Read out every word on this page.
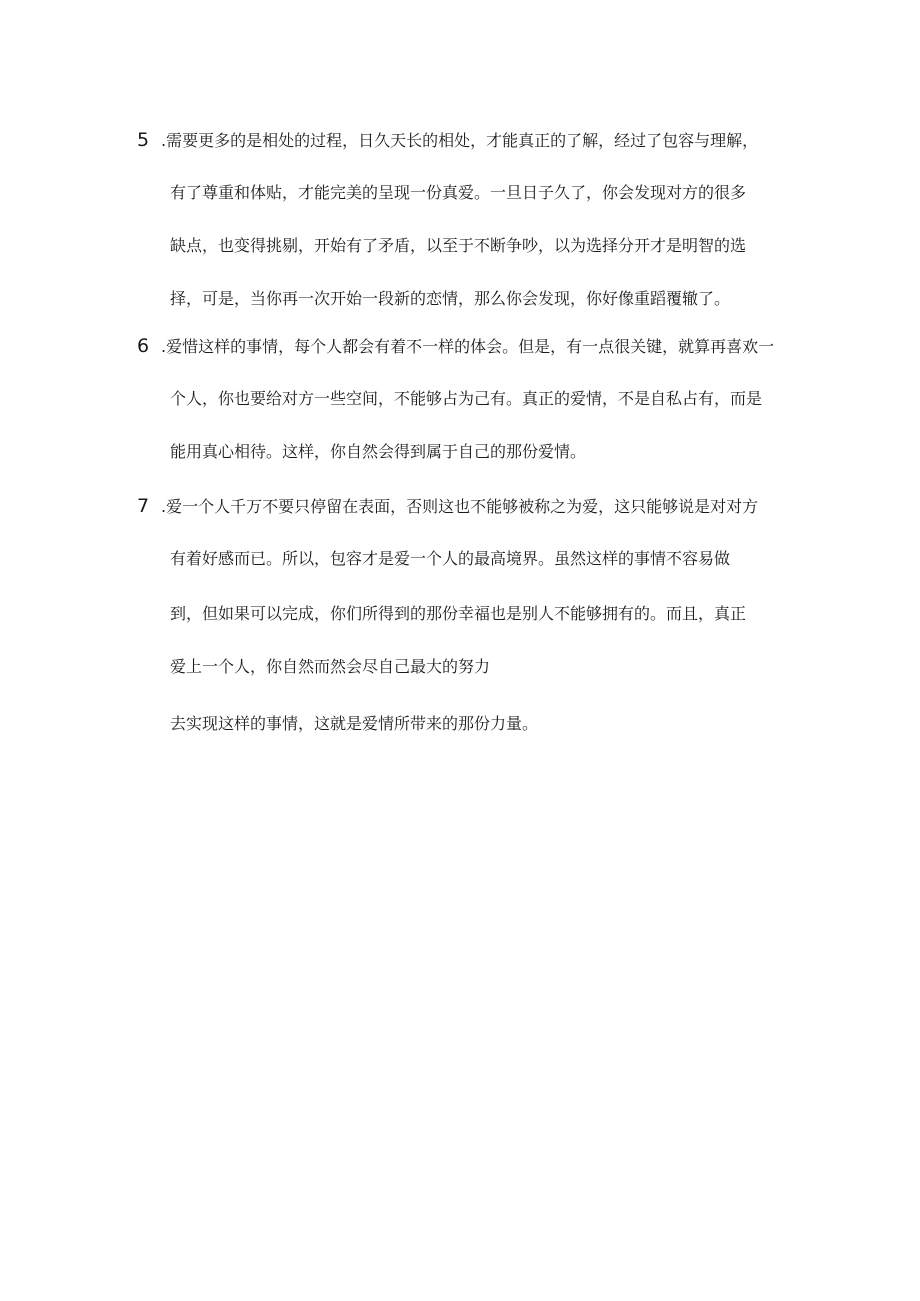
5 .需要更多的是相处的过程，日久天长的相处，才能真正的了解，经过了包容与理解，
有了尊重和体贴，才能完美的呈现一份真爱。一旦日子久了，你会发现对方的很多
缺点，也变得挑剔，开始有了矛盾，以至于不断争吵，以为选择分开才是明智的选
择，可是，当你再一次开始一段新的恋情，那么你会发现，你好像重蹈覆辙了。
6 .爱惜这样的事情，每个人都会有着不一样的体会。但是，有一点很关键，就算再喜欢一
个人，你也要给对方一些空间，不能够占为己有。真正的爱情，不是自私占有，而是
能用真心相待。这样，你自然会得到属于自己的那份爱情。
7 .爱一个人千万不要只停留在表面，否则这也不能够被称之为爱，这只能够说是对对方
有着好感而已。所以，包容才是爱一个人的最高境界。虽然这样的事情不容易做
到，但如果可以完成，你们所得到的那份幸福也是别人不能够拥有的。而且，真正
爱上一个人，你自然而然会尽自己最大的努力
去实现这样的事情，这就是爱情所带来的那份力量。
